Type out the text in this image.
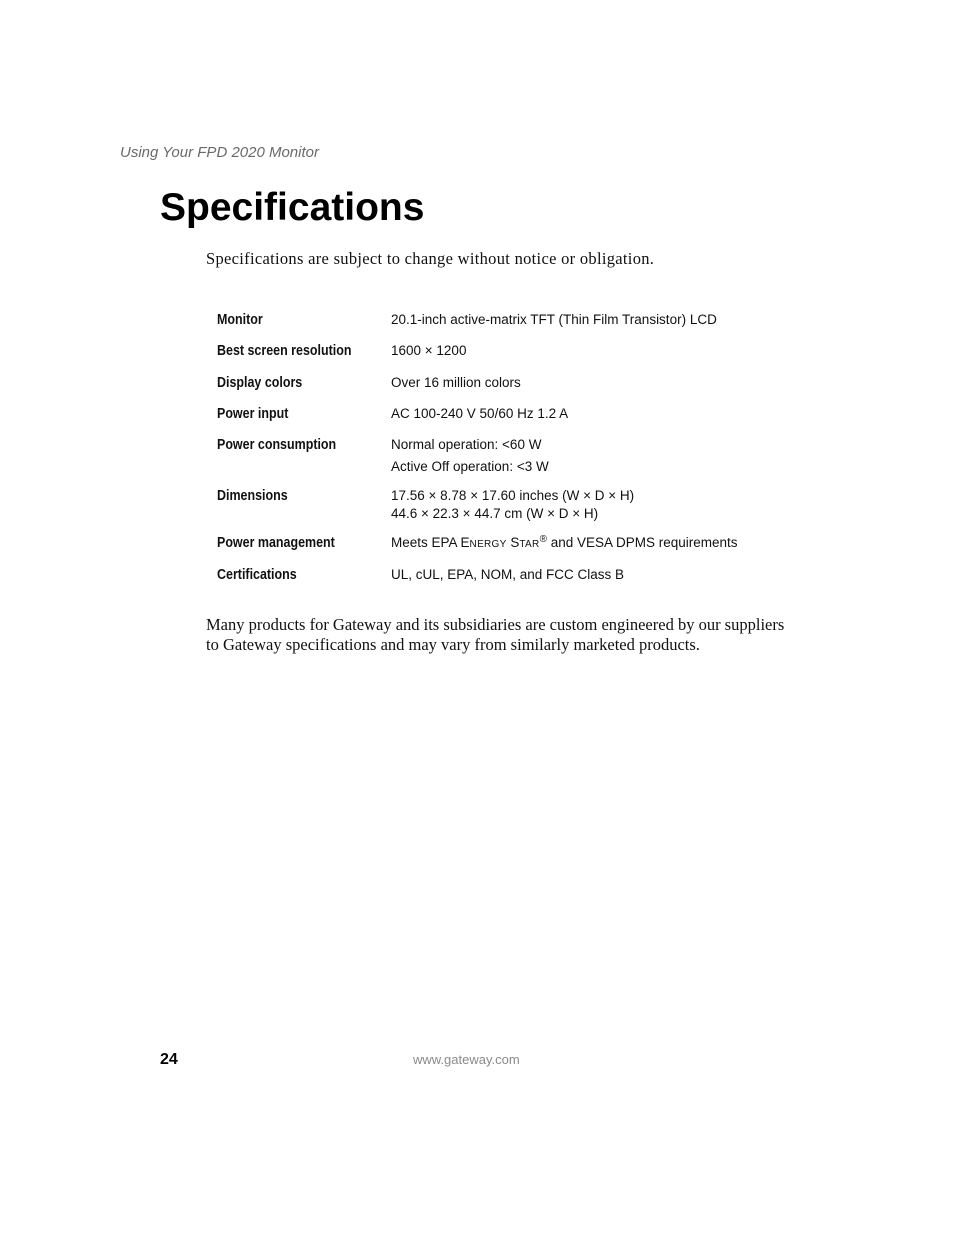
Using Your FPD 2020 Monitor
Specifications

Specifications are subject to change without notice or obligation.

Monitor	20.1-inch active-matrix TFT (Thin Film Transistor) LCD
Best screen resolution	1600 × 1200
Display colors	Over 16 million colors
Power input	AC 100-240 V 50/60 Hz 1.2 A
Power consumption	Normal operation: <60 W
Active Off operation: <3 W
Dimensions	17.56 × 8.78 × 17.60 inches (W × D × H)
44.6 × 22.3 × 44.7 cm (W × D × H)
Power management	Meets EPA ENERGY STAR® and VESA DPMS requirements
Certifications	UL, cUL, EPA, NOM, and FCC Class B

Many products for Gateway and its subsidiaries are custom engineered by our suppliers to Gateway specifications and may vary from similarly marketed products.

24	www.gateway.com
